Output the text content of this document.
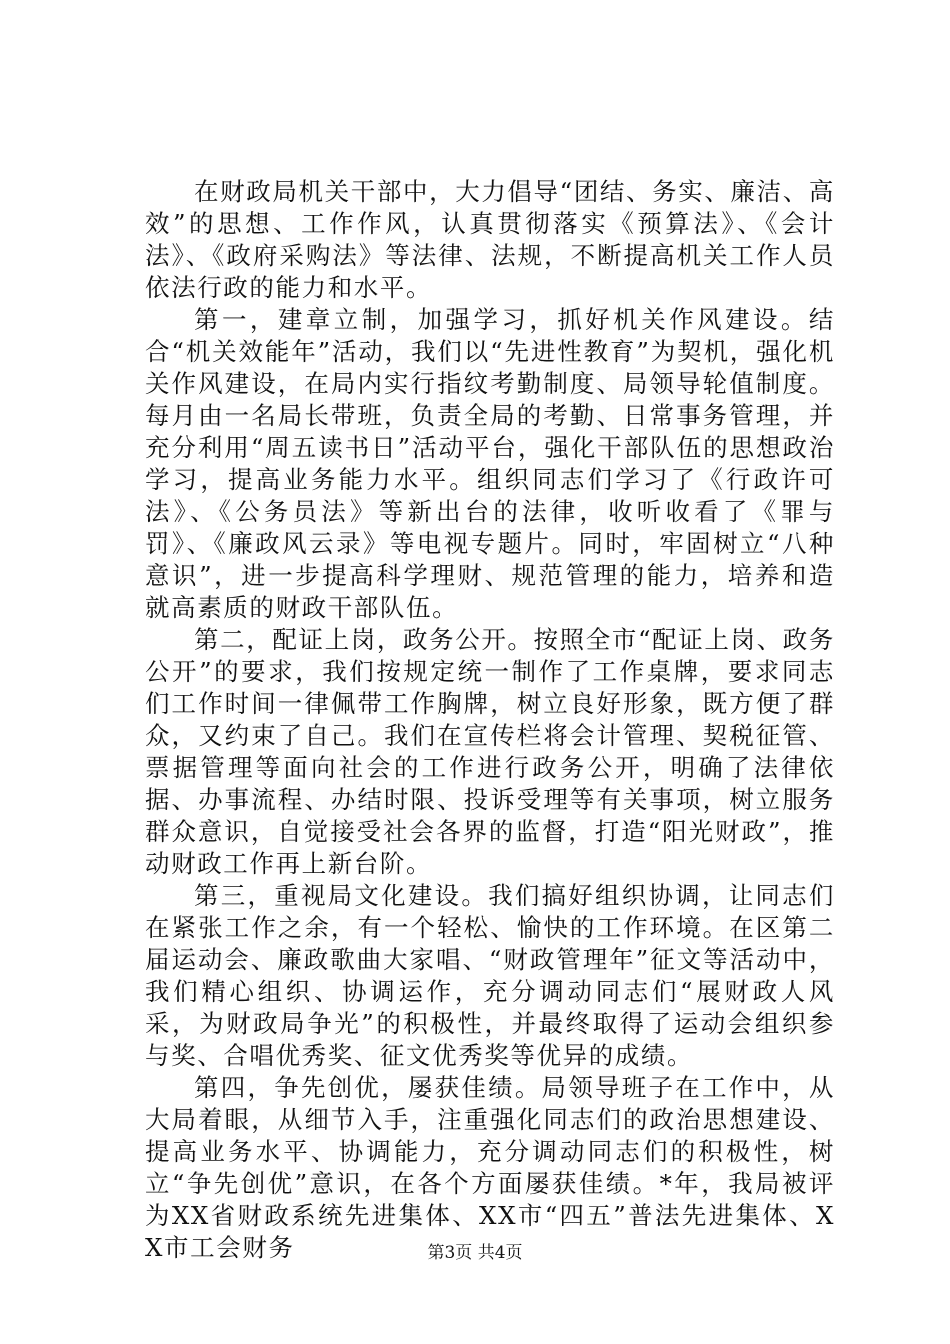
在财政局机关干部中，大力倡导“团结、务实、廉洁、高效”的思想、工作作风，认真贯彻落实《预算法》、《会计法》、《政府采购法》等法律、法规，不断提高机关工作人员依法行政的能力和水平。

第一，建章立制，加强学习，抓好机关作风建设。结合“机关效能年”活动，我们以“先进性教育”为契机，强化机关作风建设，在局内实行指纹考勤制度、局领导轮值制度。每月由一名局长带班，负责全局的考勤、日常事务管理，并充分利用“周五读书日”活动平台，强化干部队伍的思想政治学习，提高业务能力水平。组织同志们学习了《行政许可法》、《公务员法》等新出台的法律，收听收看了《罪与罚》、《廉政风云录》等电视专题片。同时，牢固树立“八种意识”，进一步提高科学理财、规范管理的能力，培养和造就高素质的财政干部队伍。

第二，配证上岗，政务公开。按照全市“配证上岗、政务公开”的要求，我们按规定统一制作了工作桌牌，要求同志们工作时间一律佩带工作胸牌，树立良好形象，既方便了群众，又约束了自己。我们在宣传栏将会计管理、契税征管、票据管理等面向社会的工作进行政务公开，明确了法律依据、办事流程、办结时限、投诉受理等有关事项，树立服务群众意识，自觉接受社会各界的监督，打造“阳光财政”，推动财政工作再上新台阶。

第三，重视局文化建设。我们搞好组织协调，让同志们在紧张工作之余，有一个轻松、愉快的工作环境。在区第二届运动会、廉政歌曲大家唱、“财政管理年”征文等活动中，我们精心组织、协调运作，充分调动同志们“展财政人风采，为财政局争光”的积极性，并最终取得了运动会组织参与奖、合唱优秀奖、征文优秀奖等优异的成绩。

第四，争先创优，屡获佳绩。局领导班子在工作中，从大局着眼，从细节入手，注重强化同志们的政治思想建设、提高业务水平、协调能力，充分调动同志们的积极性，树立“争先创优”意识，在各个方面屡获佳绩。*年，我局被评为XX省财政系统先进集体、XX市“四五”普法先进集体、XX市工会财务	第3页 共4页
